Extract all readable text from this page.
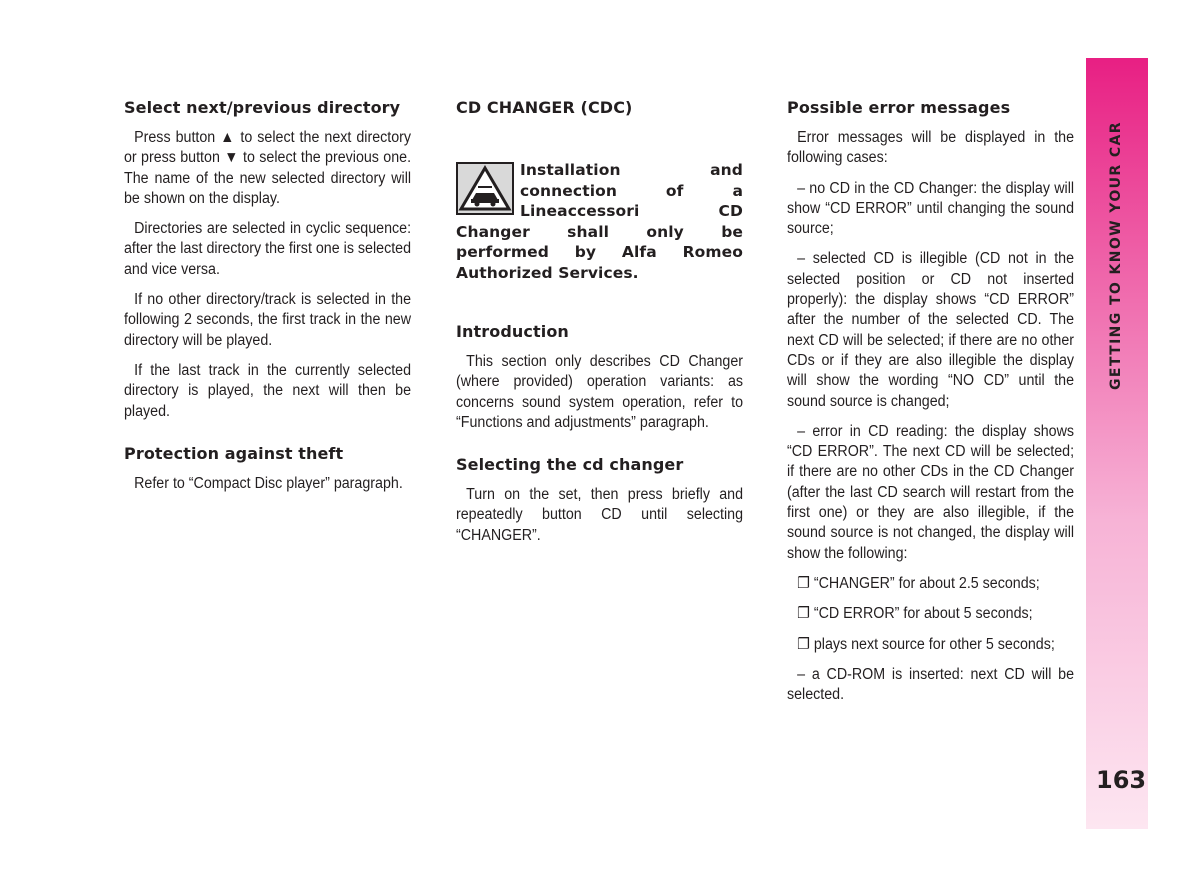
Select next/previous directory

Press button ▲ to select the next directory or press button ▼ to select the previous one. The name of the new selected directory will be shown on the display.

Directories are selected in cyclic sequence: after the last directory the first one is selected and vice versa.

If no other directory/track is selected in the following 2 seconds, the first track in the new directory will be played.

If the last track in the currently selected directory is played, the next will then be played.

Protection against theft

Refer to “Compact Disc player” paragraph.

CD CHANGER (CDC)
Installation and connection of a Lineaccessori CD Changer shall only be performed by Alfa Romeo Authorized Services.
Introduction

This section only describes CD Changer (where provided) operation variants: as concerns sound system operation, refer to “Functions and adjustments” paragraph.

Selecting the cd changer

Turn on the set, then press briefly and repeatedly button CD until selecting “CHANGER”.

Possible error messages

Error messages will be displayed in the following cases:

– no CD in the CD Changer: the display will show “CD ERROR” until changing the sound source;

– selected CD is illegible (CD not in the selected position or CD not inserted properly): the display shows “CD ERROR” after the number of the selected CD. The next CD will be selected; if there are no other CDs or if they are also illegible the display will show the wording “NO CD” until the sound source is changed;

– error in CD reading: the display shows “CD ERROR”. The next CD will be selected; if there are no other CDs in the CD Changer (after the last CD search will restart from the first one) or they are also illegible, if the sound source is not changed, the display will show the following:

❐ “CHANGER” for about 2.5 seconds;

❐ “CD ERROR” for about 5 seconds;

❐ plays next source for other 5 seconds;

– a CD-ROM is inserted: next CD will be selected.

GETTING TO KNOW YOUR CAR
163
